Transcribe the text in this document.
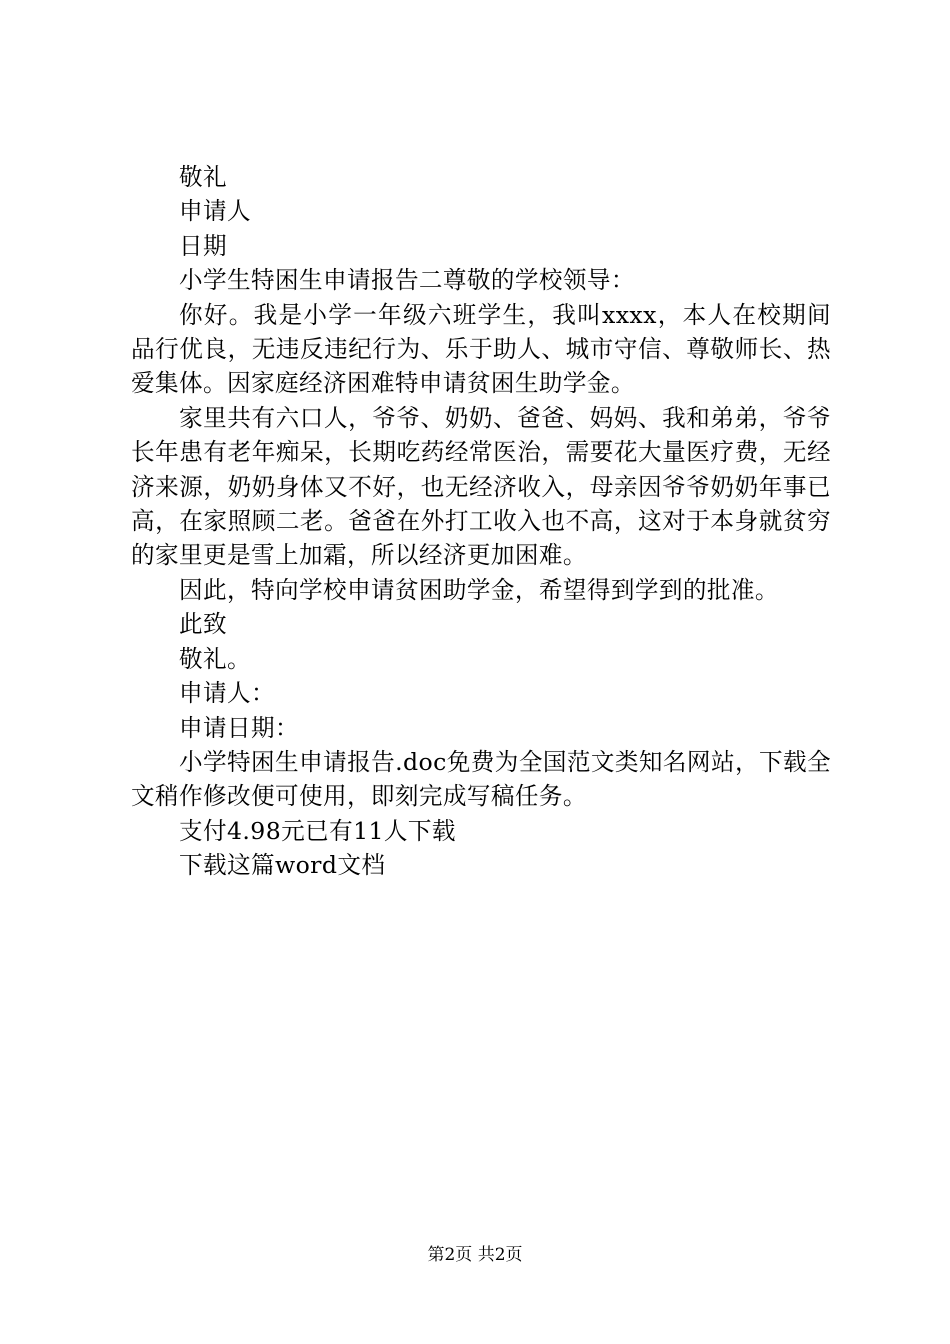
敬礼

申请人

日期

小学生特困生申请报告二尊敬的学校领导：

你好。我是小学一年级六班学生，我叫xxxx，本人在校期间品行优良，无违反违纪行为、乐于助人、城市守信、尊敬师长、热爱集体。因家庭经济困难特申请贫困生助学金。

家里共有六口人，爷爷、奶奶、爸爸、妈妈、我和弟弟，爷爷长年患有老年痴呆，长期吃药经常医治，需要花大量医疗费，无经济来源，奶奶身体又不好，也无经济收入，母亲因爷爷奶奶年事已高，在家照顾二老。爸爸在外打工收入也不高，这对于本身就贫穷的家里更是雪上加霜，所以经济更加困难。

因此，特向学校申请贫困助学金，希望得到学到的批准。

此致

敬礼。

申请人：

申请日期：

小学特困生申请报告.doc免费为全国范文类知名网站，下载全文稍作修改便可使用，即刻完成写稿任务。

支付4.98元已有11人下载

下载这篇word文档

第2页 共2页
